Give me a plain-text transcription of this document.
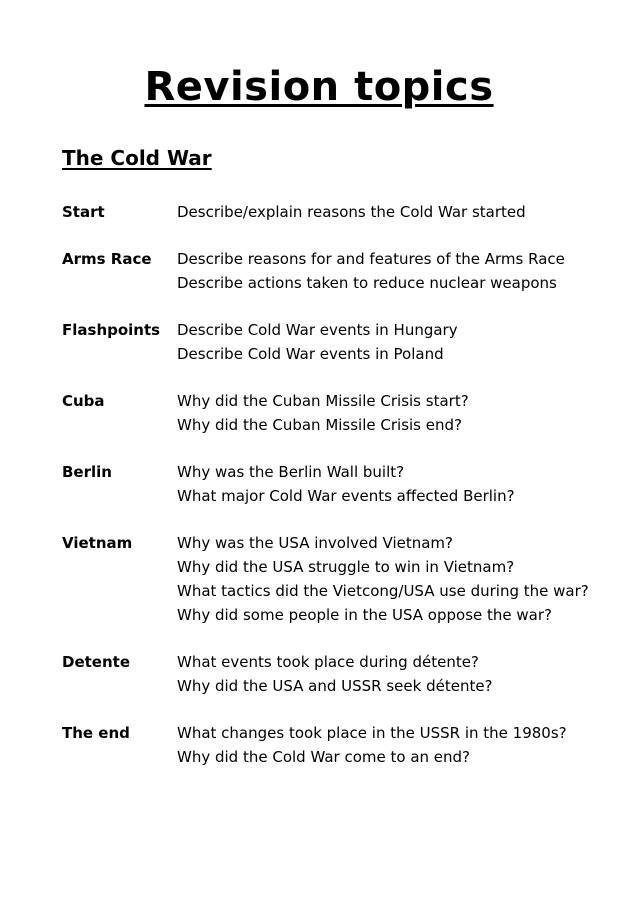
Revision topics
The Cold War
Start	Describe/explain reasons the Cold War started
Arms Race	Describe reasons for and features of the Arms Race
Describe actions taken to reduce nuclear weapons
Flashpoints	Describe Cold War events in Hungary
Describe Cold War events in Poland
Cuba	Why did the Cuban Missile Crisis start?
Why did the Cuban Missile Crisis end?
Berlin	Why was the Berlin Wall built?
What major Cold War events affected Berlin?
Vietnam	Why was the USA involved Vietnam?
Why did the USA struggle to win in Vietnam?
What tactics did the Vietcong/USA use during the war?
Why did some people in the USA oppose the war?
Detente	What events took place during détente?
Why did the USA and USSR seek détente?
The end	What changes took place in the USSR in the 1980s?
Why did the Cold War come to an end?
